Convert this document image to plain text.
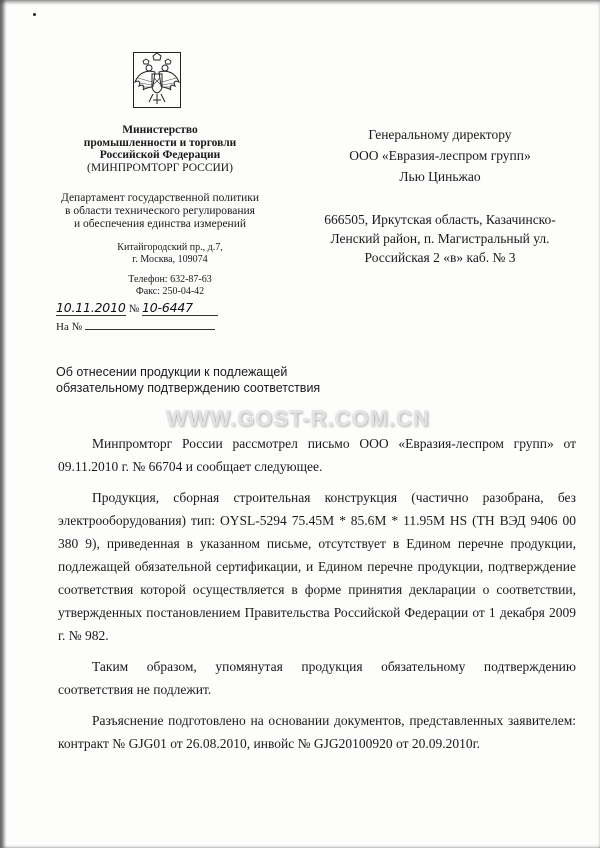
Министерство
промышленности и торговли
Российской Федерации
(МИНПРОМТОРГ РОССИИ)
Департамент государственной политики
в области технического регулирования
и обеспечения единства измерений
Китайгородский пр., д.7,
г. Москва, 109074
Телефон: 632-87-63
Факс: 250-04-42
10.11.2010 № 10-6447
На №
Генеральному директору
ООО «Евразия-леспром групп»
Лью Циньжао
666505, Иркутская область, Казачинско-
Ленский район, п. Магистральный ул.
Российская 2 «в» каб. № 3
Об отнесении продукции к подлежащей
обязательному подтверждению соответствия

Минпромторг России рассмотрел письмо ООО «Евразия-леспром групп» от 09.11.2010 г. № 66704 и сообщает следующее.

Продукция, сборная строительная конструкция (частично разобрана, без электрооборудования) тип: OYSL-5294 75.45M * 85.6M * 11.95M HS (ТН ВЭД 9406 00 380 9), приведенная в указанном письме, отсутствует в Едином перечне продукции, подлежащей обязательной сертификации, и Едином перечне продукции, подтверждение соответствия которой осуществляется в форме принятия декларации о соответствии, утвержденных постановлением Правительства Российской Федерации от 1 декабря 2009 г. № 982.

Таким образом, упомянутая продукция обязательному подтверждению соответствия не подлежит.

Разъяснение подготовлено на основании документов, представленных заявителем: контракт № GJG01 от 26.08.2010, инвойс № GJG20100920 от 20.09.2010г.

WWW.GOST-R.COM.CN
